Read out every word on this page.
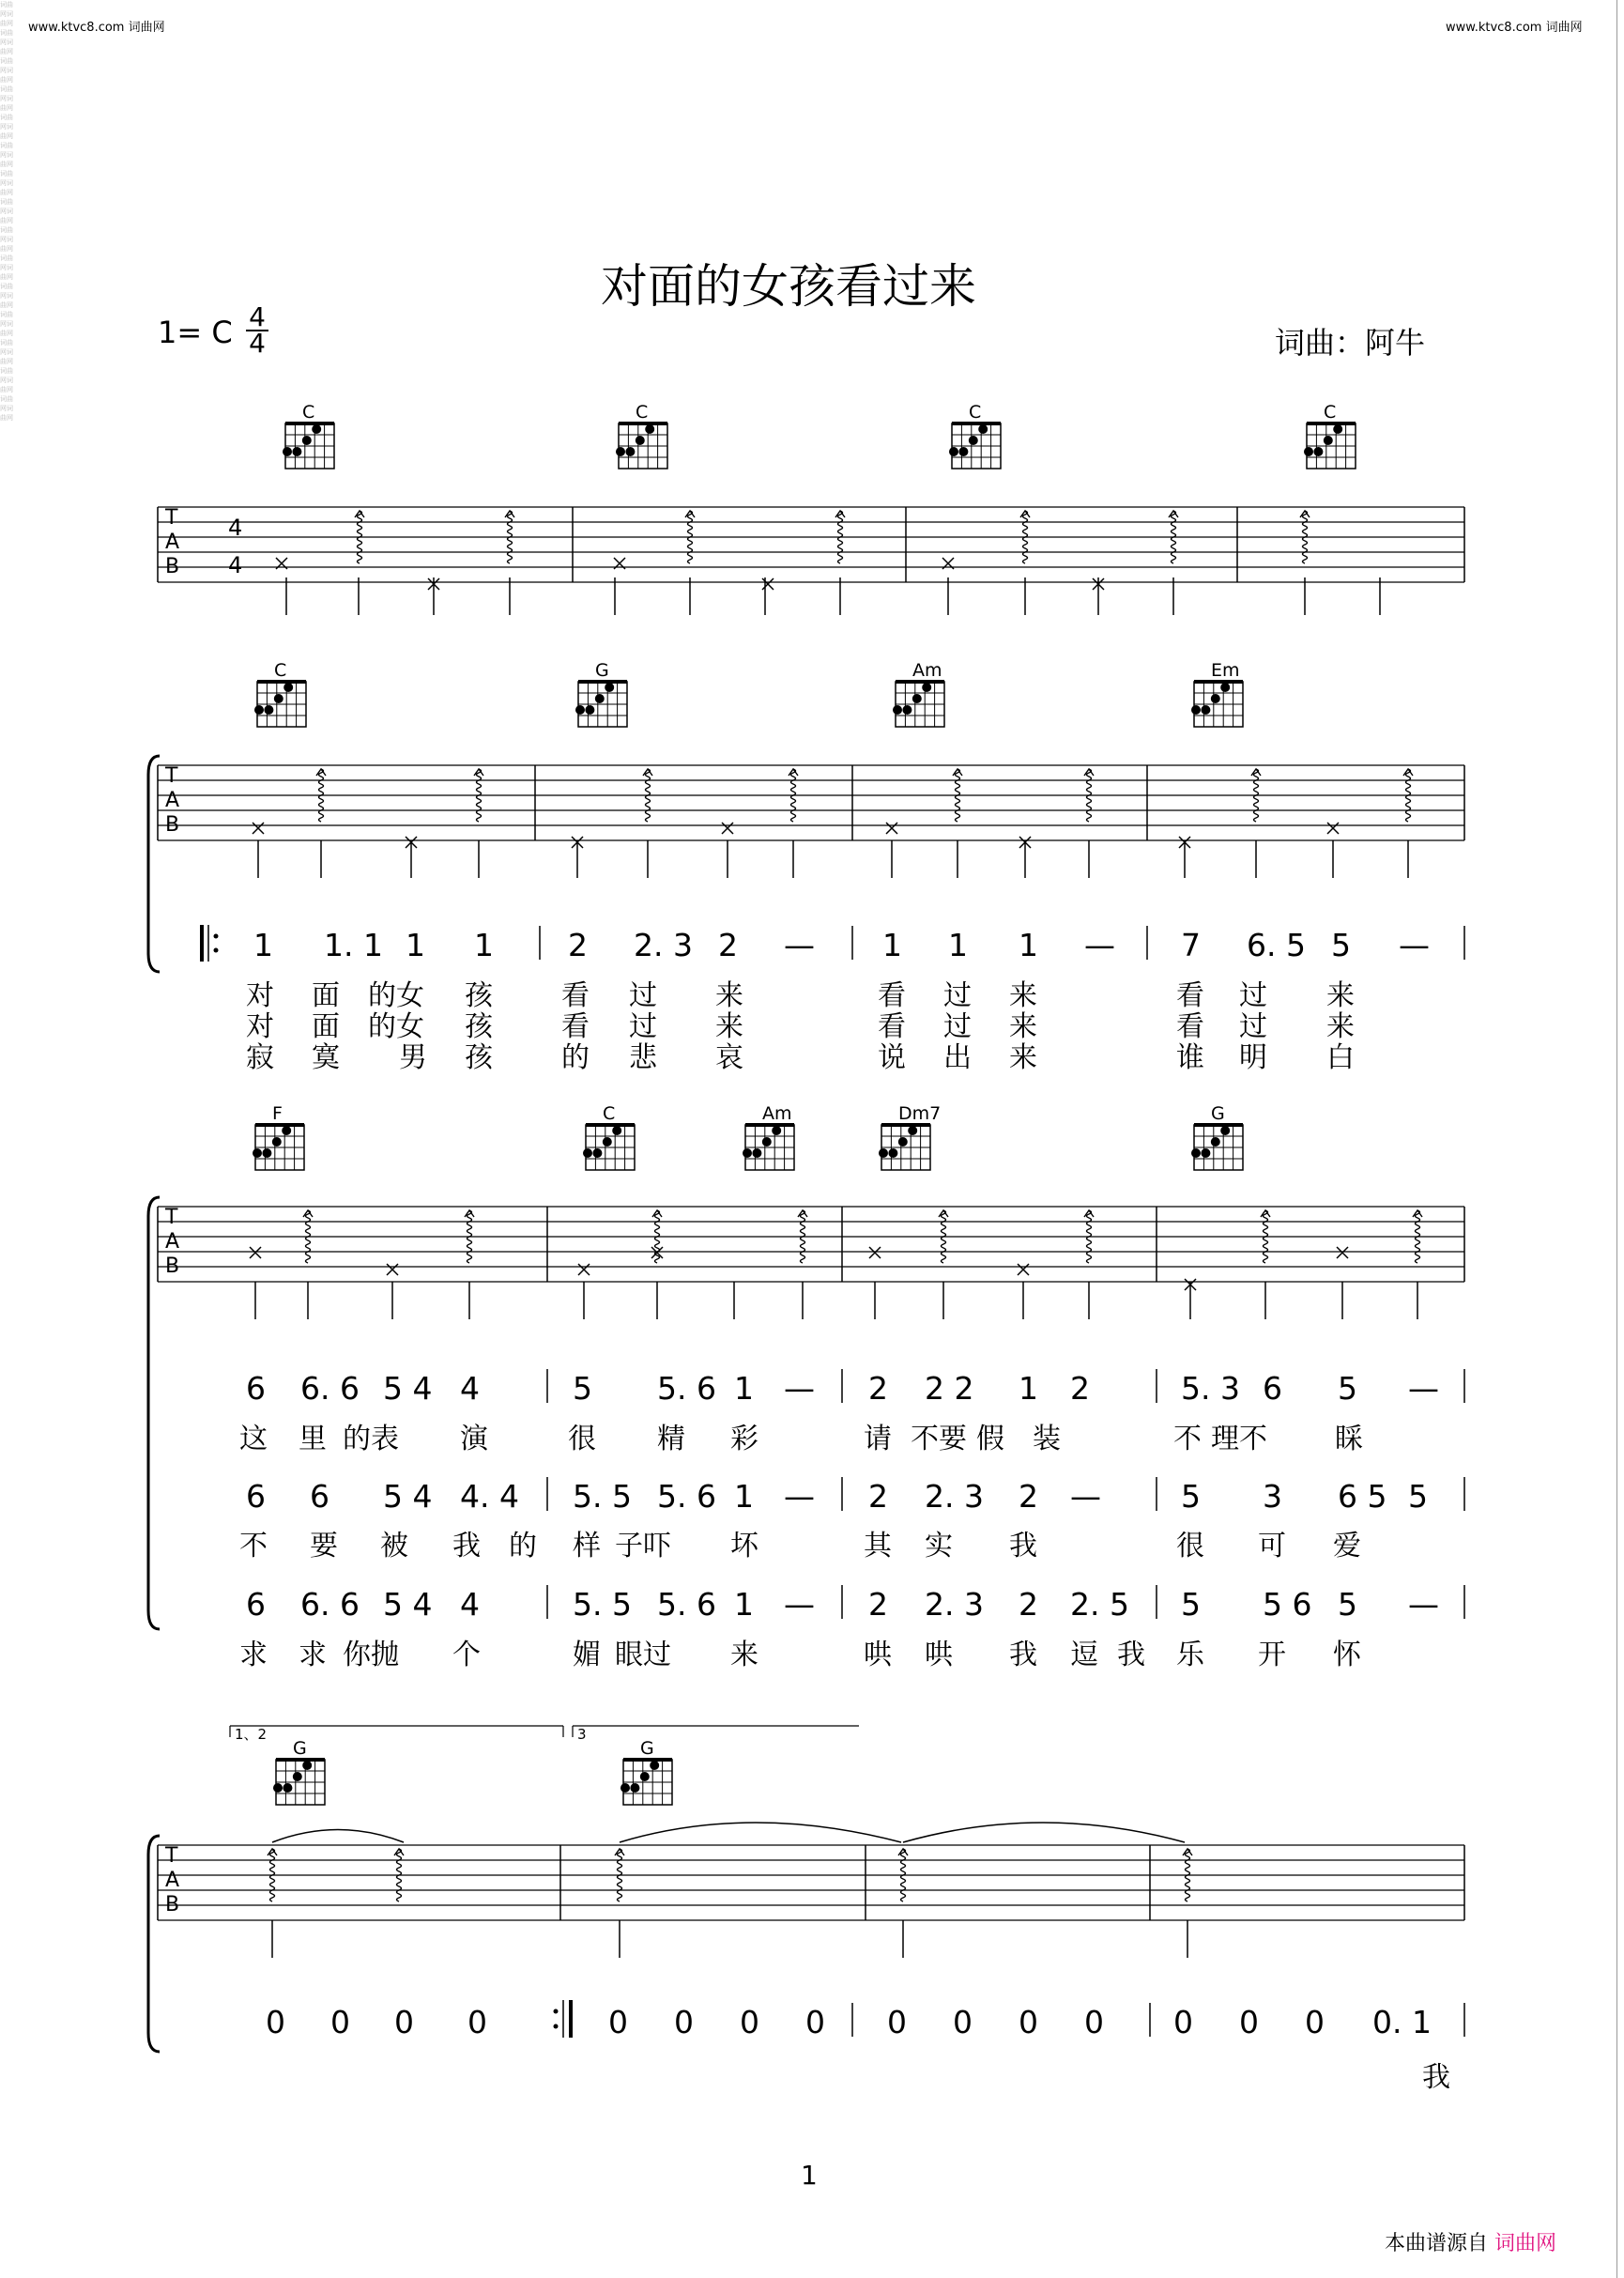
词曲网词曲网词曲网词曲网词曲网词曲网词曲网词曲网词曲网词曲网词曲网词曲网词曲网词曲网词曲网词曲网词曲网词曲网词曲网词曲网词曲网词曲网词曲网词曲网词曲网词曲网词曲网词曲网词曲网词曲网
www.ktvc8.com 词曲网	www.ktvc8.com 词曲网
对面的女孩看过来
1= C 4
4	词曲：阿牛
1
本曲谱源自 词曲网
C	C	C	C
T
A
B
4
4
C	G	Am	Em
T
A
B
1 1. 1 1 1 2 2. 3 2 — 1 1 1 — 7 6. 5 5 —
对 面 的女 孩 看 过 来	看 过 来	看 过 来
对 面 的女 孩 看 过 来	看 过 来	看 过 来
寂 寞 男 孩 的 悲 哀	说 出 来	谁 明 白
F	C	Am	Dm7	G
T
A
B
6 6. 6 5 4 4	5 5. 6 1 — 2 2 2 1 2	5. 3 6 5 —
6 6 5 4 4. 4 5. 5 5. 6 1 — 2 2. 3 2 —	5 3 6 5 5
6 6. 6 5 4 4	5. 5 5. 6 1 — 2 2. 3 2 2. 5 5 5 6 5 —
这 里 的表 演	很 精 彩	请 不要 假 装	不 理不 睬
不 要 被 我 的 样 子吓 坏	其 实 我	很 可 爱
求 求 你抛 个	媚 眼过 来	哄 哄 我 逗 我 乐 开 怀
G	G
T
A
B
0 0 0 0	0 0 0 0 0 0 0 0 0 0 0 0. 1
我
1、2	3
